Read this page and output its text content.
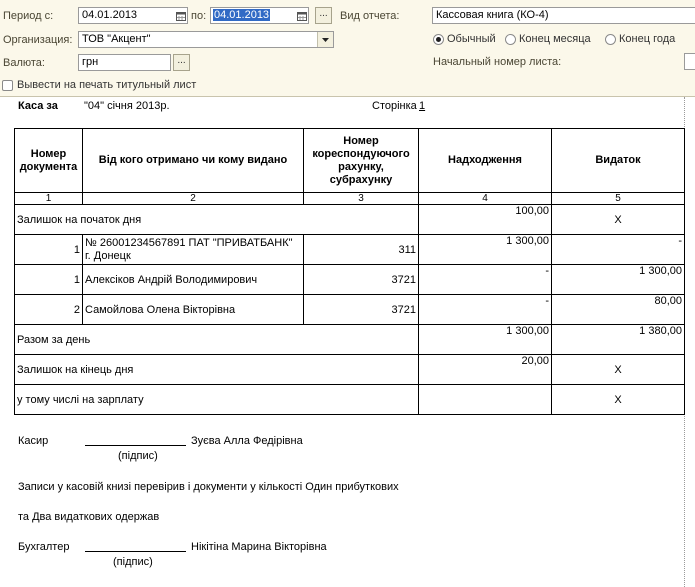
Период с:	04.01.2013	по: 04.01.2013	...	Вид отчета:	Кассовая книга (КО-4)
Организация: ТОВ "Акцент"	Обычный Конец месяца	Конец года
Валюта:	грн	...	Начальный номер листа:
Вывести на печать титульный лист
Каса за "04" січня 2013р.	Сторінка 1
Номер документа	Від кого отримано чи кому видано	Номер кореспондуючого рахунку, субрахунку	Надходження	Видаток
1	2	3	4	5
Залишок на початок дня			100,00	Х
1	№ 26001234567891 ПАТ "ПРИВАТБАНК" г. Донецк	311	1 300,00	-
1	Алексіков Андрій Володимирович	3721	-	1 300,00
2	Самойлова Олена Вікторівна	3721	-	80,00
Разом за день			1 300,00	1 380,00
Залишок на кінець дня			20,00	Х
у тому числі на зарплату				Х
Касир	Зуєва Алла Федірівна
(підпис)
Записи у касовій книзі перевірив і документи у кількості Один прибуткових
та Два видаткових одержав
Бухгалтер	Нікітіна Марина Вікторівна
(підпис)
